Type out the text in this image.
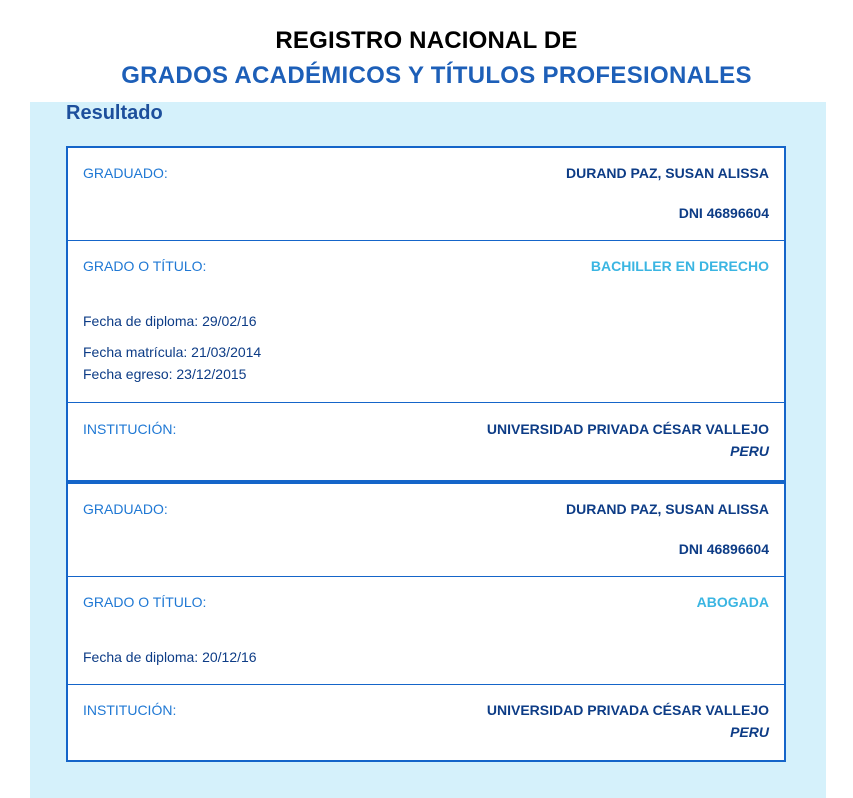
REGISTRO NACIONAL DE
GRADOS ACADÉMICOS Y TÍTULOS PROFESIONALES
Resultado
GRADUADO:	DURAND PAZ, SUSAN ALISSA
DNI 46896604
GRADO O TÍTULO:	BACHILLER EN DERECHO
Fecha de diploma: 29/02/16
Fecha matrícula: 21/03/2014
Fecha egreso: 23/12/2015
INSTITUCIÓN:	UNIVERSIDAD PRIVADA CÉSAR VALLEJO
PERU
GRADUADO:	DURAND PAZ, SUSAN ALISSA
DNI 46896604
GRADO O TÍTULO:	ABOGADA
Fecha de diploma: 20/12/16
INSTITUCIÓN:	UNIVERSIDAD PRIVADA CÉSAR VALLEJO
PERU
